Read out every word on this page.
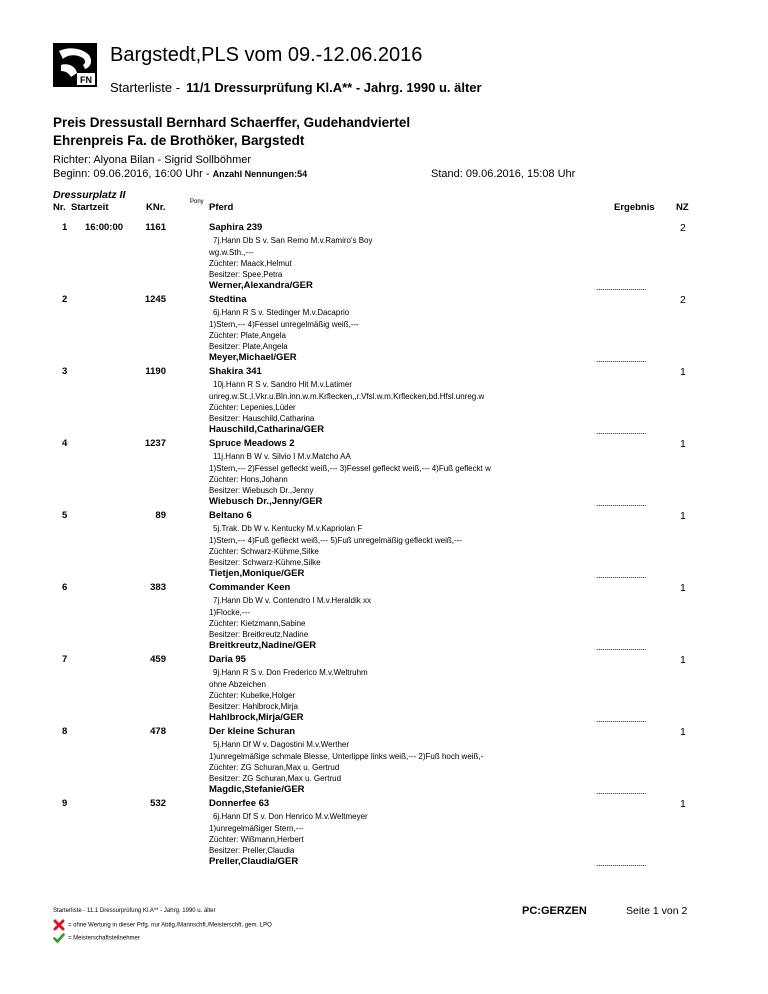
FN
Bargstedt,PLS vom 09.-12.06.2016
Starterliste - 11/1 Dressurprüfung Kl.A** - Jahrg. 1990 u. älter
Preis Dressustall Bernhard Schaerffer, Gudehandviertel
Ehrenpreis Fa. de Brothöker, Bargstedt
Richter: Alyona Bilan - Sigrid Sollböhmer
Beginn: 09.06.2016, 16:00 Uhr - Anzahl Nennungen:54	Stand: 09.06.2016, 15:08 Uhr
Dressurplatz II
Nr. Startzeit	KNr.	Pony Pferd	Ergebnis NZ
1 16:00:00 1161	Saphira 239	2
7j.Hann Db S v. San Remo M.v.Ramiro's Boy
wg.w.Sth.,---
Züchter: Maack,Helmut
Besitzer: Spee,Petra
Werner,Alexandra/GER	.........................
2	1245	Stedtina	2
6j.Hann R S v. Stedinger M.v.Dacaprio
1)Stern,--- 4)Fessel unregelmäßig weiß,---
Züchter: Plate,Angela
Besitzer: Plate,Angela
Meyer,Michael/GER	.........................
3	1190	Shakira 341	1
10j.Hann R S v. Sandro Hit M.v.Latimer
unreg.w.St.,l.Vkr.u.Bln.inn.w.m.Krflecken,,r.Vfsl.w.m.Krflecken,bd.Hfsl.unreg.w
Züchter: Lepenies,Lüder
Besitzer: Hauschild,Catharina
Hauschild,Catharina/GER	.........................
4	1237	Spruce Meadows 2	1
11j.Hann B W v. Silvio I M.v.Matcho AA
1)Stern,--- 2)Fessel gefleckt weiß,--- 3)Fessel gefleckt weiß,--- 4)Fuß gefleckt w
Züchter: Hons,Johann
Besitzer: Wiebusch Dr.,Jenny
Wiebusch Dr.,Jenny/GER	.........................
5	89	Beltano 6	1
5j.Trak. Db W v. Kentucky M.v.Kapriolan F
1)Stern,--- 4)Fuß gefleckt weiß,--- 5)Fuß unregelmäßig gefleckt weiß,---
Züchter: Schwarz-Kühme,Silke
Besitzer: Schwarz-Kühme,Silke
Tietjen,Monique/GER	.........................
6	383	Commander Keen	1
7j.Hann Db W v. Contendro I M.v.Heraldik xx
1)Flocke,---
Züchter: Kietzmann,Sabine
Besitzer: Breitkreutz,Nadine
Breitkreutz,Nadine/GER	.........................
7	459	Daria 95	1
9j.Hann R S v. Don Frederico M.v.Weltruhm
ohne Abzeichen
Züchter: Kubelke,Holger
Besitzer: Hahlbrock,Mirja
Hahlbrock,Mirja/GER	.........................
8	478	Der kleine Schuran	1
5j.Hann Df W v. Dagostini M.v.Werther
1)unregelmäßige schmale Blesse, Unterlippe links weiß,--- 2)Fuß hoch weiß,-
Züchter: ZG Schuran,Max u. Gertrud
Besitzer: ZG Schuran,Max u. Gertrud
Magdic,Stefanie/GER	.........................
9	532	Donnerfee 63	1
6j.Hann Df S v. Don Henrico M.v.Weltmeyer
1)unregelmäßiger Stern,---
Züchter: Wißmann,Herbert
Besitzer: Preller,Claudia
Preller,Claudia/GER	.........................
Starterliste - 11.1 Dressurprüfung Kl.A** - Jahrg. 1990 u. älter
= ohne Wertung in dieser Prfg. nur Abtlg./Mannschft./Meisterschft. gem. LPO
= Meisterschaftsteilnehmer
PC:GERZEN	Seite 1 von 2
